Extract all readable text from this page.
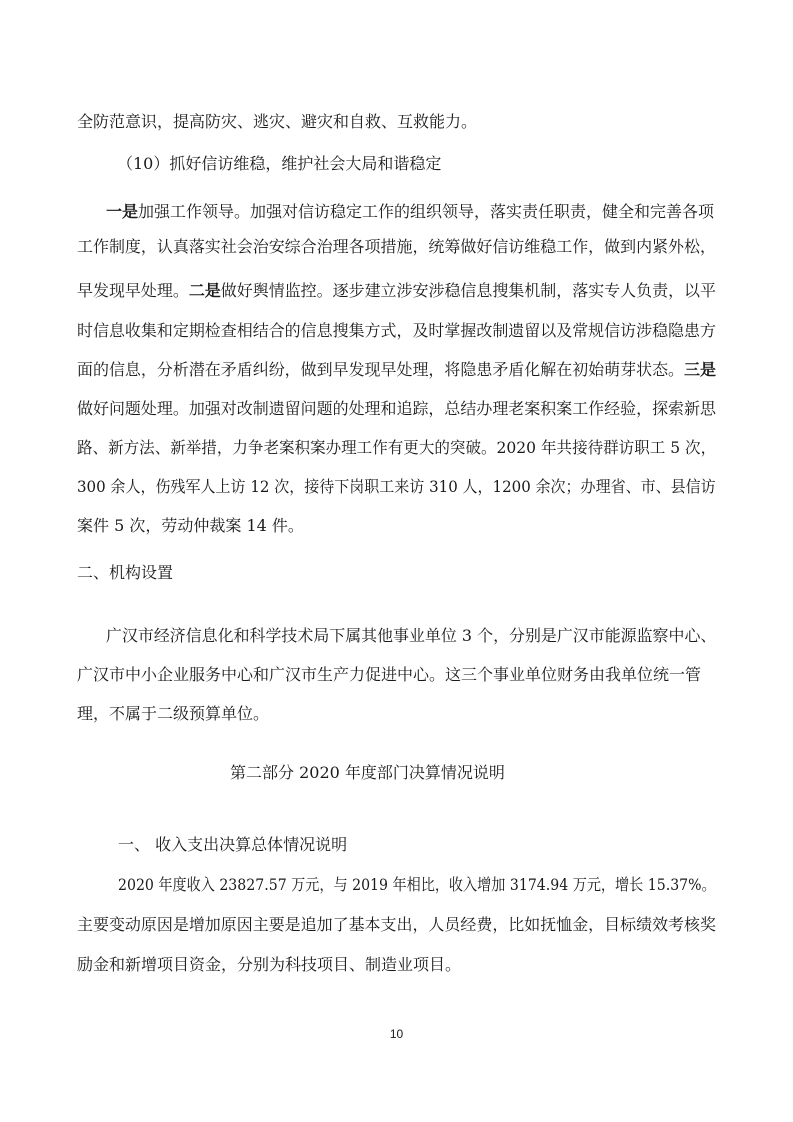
全防范意识，提高防灾、逃灾、避灾和自救、互救能力。
（10）抓好信访维稳，维护社会大局和谐稳定
一是加强工作领导。加强对信访稳定工作的组织领导，落实责任职责，健全和完善各项
工作制度，认真落实社会治安综合治理各项措施，统筹做好信访维稳工作，做到内紧外松，
早发现早处理。二是做好舆情监控。逐步建立涉安涉稳信息搜集机制，落实专人负责，以平
时信息收集和定期检查相结合的信息搜集方式，及时掌握改制遗留以及常规信访涉稳隐患方
面的信息，分析潜在矛盾纠纷，做到早发现早处理，将隐患矛盾化解在初始萌芽状态。三是
做好问题处理。加强对改制遗留问题的处理和追踪，总结办理老案积案工作经验，探索新思
路、新方法、新举措，力争老案积案办理工作有更大的突破。2020 年共接待群访职工 5 次，
300 余人，伤残军人上访 12 次，接待下岗职工来访 310 人，1200 余次；办理省、市、县信访
案件 5 次，劳动仲裁案 14 件。
二、机构设置
广汉市经济信息化和科学技术局下属其他事业单位 3 个，分别是广汉市能源监察中心、
广汉市中小企业服务中心和广汉市生产力促进中心。这三个事业单位财务由我单位统一管
理，不属于二级预算单位。
第二部分 2020 年度部门决算情况说明
一、 收入支出决算总体情况说明
2020 年度收入 23827.57 万元，与 2019 年相比，收入增加 3174.94 万元，增长 15.37%。
主要变动原因是增加原因主要是追加了基本支出，人员经费，比如抚恤金，目标绩效考核奖
励金和新增项目资金，分别为科技项目、制造业项目。
10
